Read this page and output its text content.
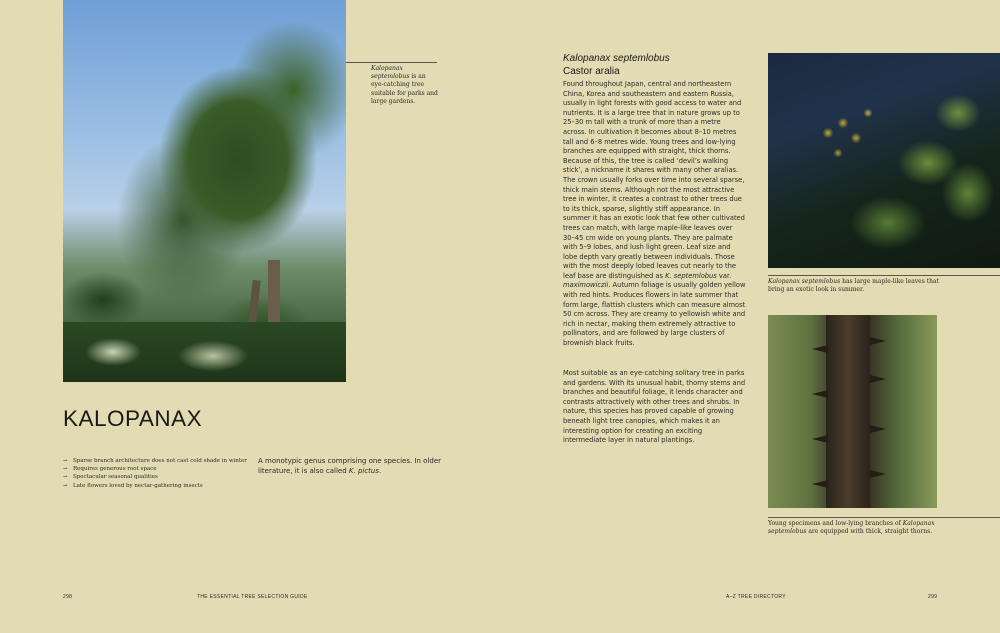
Kalopanax septemlobus is an eye-catching tree suitable for parks and large gardens.
KALOPANAX
→ Sparse branch architecture does not cast cold shade in winter
→ Requires generous root space
→ Spectacular seasonal qualities
→ Late flowers loved by nectar-gathering insects
A monotypic genus comprising one species. In older literature, it is also called K. pictus.
298	THE ESSENTIAL TREE SELECTION GUIDE
Kalopanax septemlobus
Castor aralia

Found throughout Japan, central and northeastern China, Korea and southeastern and eastern Russia, usually in light forests with good access to water and nutrients. It is a large tree that in nature grows up to 25–30 m tall with a trunk of more than a metre across. In cultivation it becomes about 8–10 metres tall and 6–8 metres wide. Young trees and low-lying branches are equipped with straight, thick thorns. Because of this, the tree is called ‘devil’s walking stick’, a nickname it shares with many other aralias. The crown usually forks over time into several sparse, thick main stems. Although not the most attractive tree in winter, it creates a contrast to other trees due to its thick, sparse, slightly stiff appearance. In summer it has an exotic look that few other cultivated trees can match, with large maple-like leaves over 30–45 cm wide on young plants. They are palmate with 5–9 lobes, and lush light green. Leaf size and lobe depth vary greatly between individuals. Those with the most deeply lobed leaves cut nearly to the leaf base are distinguished as K. septemlobus var. maximowiczii. Autumn foliage is usually golden yellow with red hints. Produces flowers in late summer that form large, flattish clusters which can measure almost 50 cm across. They are creamy to yellowish white and rich in nectar, making them extremely attractive to pollinators, and are followed by large clusters of brownish black fruits.

Most suitable as an eye-catching solitary tree in parks and gardens. With its unusual habit, thorny stems and branches and beautiful foliage, it lends character and contrasts attractively with other trees and shrubs. In nature, this species has proved capable of growing beneath light tree canopies, which makes it an interesting option for creating an exciting intermediate layer in natural plantings.

Kalopanax septemlobus has large maple-like leaves that bring an exotic look in summer.
Young specimens and low-lying branches of Kalopanax septemlobus are equipped with thick, straight thorns.
A–Z TREE DIRECTORY	299
